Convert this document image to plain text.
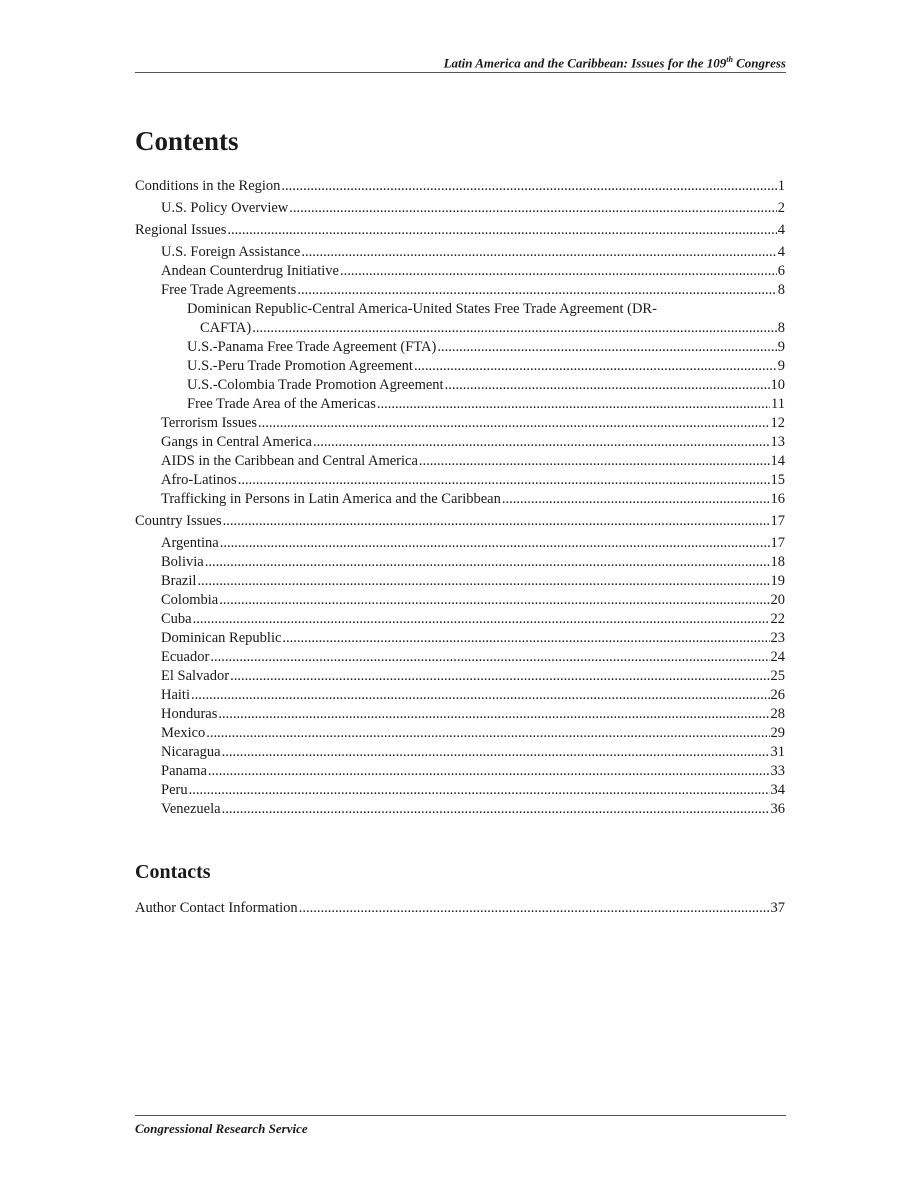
Latin America and the Caribbean: Issues for the 109th Congress
Contents
Conditions in the Region .....	1
U.S. Policy Overview .....	2
Regional Issues .....	4
U.S. Foreign Assistance .....	4
Andean Counterdrug Initiative .....	6
Free Trade Agreements .....	8
Dominican Republic-Central America-United States Free Trade Agreement (DR-
CAFTA) .....	8
U.S.-Panama Free Trade Agreement (FTA) .....	9
U.S.-Peru Trade Promotion Agreement .....	9
U.S.-Colombia Trade Promotion Agreement .....	10
Free Trade Area of the Americas .....	11
Terrorism Issues .....	12
Gangs in Central America .....	13
AIDS in the Caribbean and Central America .....	14
Afro-Latinos .....	15
Trafficking in Persons in Latin America and the Caribbean .....	16
Country Issues .....	17
Argentina .....	17
Bolivia .....	18
Brazil .....	19
Colombia .....	20
Cuba .....	22
Dominican Republic .....	23
Ecuador .....	24
El Salvador .....	25
Haiti .....	26
Honduras .....	28
Mexico .....	29
Nicaragua .....	31
Panama .....	33
Peru .....	34
Venezuela .....	36
Contacts
Author Contact Information .....	37
Congressional Research Service
